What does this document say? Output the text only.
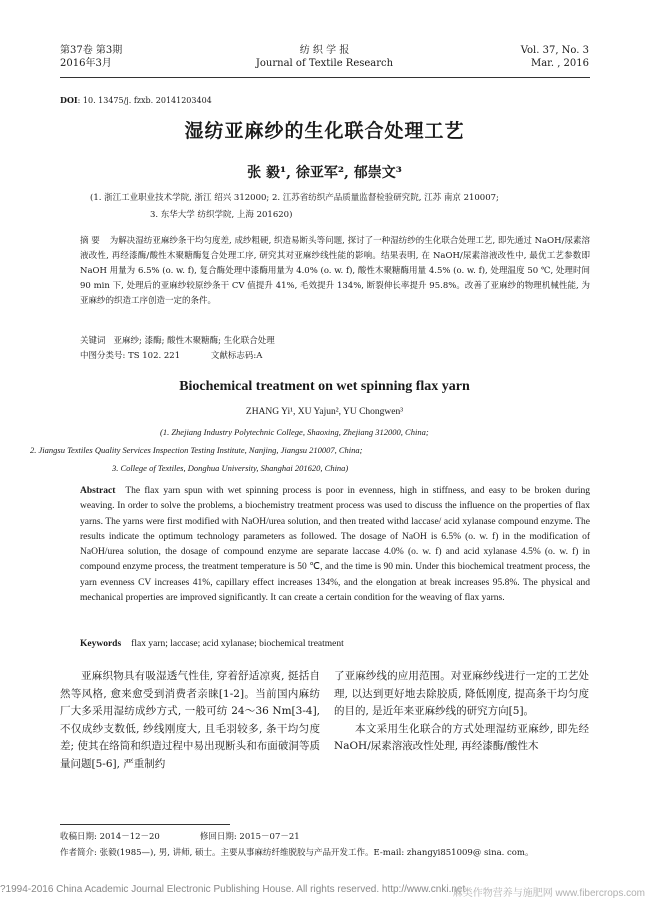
第37卷 第3期
2016年3月
纺 织 学 报
Journal of Textile Research
Vol. 37, No. 3
Mar. , 2016
DOI: 10. 13475/j. fzxb. 20141203404
湿纺亚麻纱的生化联合处理工艺
张 毅¹, 徐亚军², 郁崇文³
(1. 浙江工业职业技术学院, 浙江 绍兴 312000; 2. 江苏省纺织产品质量监督检验研究院, 江苏 南京 210007;
3. 东华大学 纺织学院, 上海 201620)
摘 要 为解决湿纺亚麻纱条干均匀度差, 成纱粗硬, 织造易断头等问题, 探讨了一种湿纺纱的生化联合处理工艺, 即先通过 NaOH/尿素溶液改性, 再经漆酶/酸性木聚糖酶复合处理工序, 研究其对亚麻纱线性能的影响。结果表明, 在 NaOH/尿素溶液改性中, 最优工艺参数即 NaOH 用量为 6.5% (o. w. f), 复合酶处理中漆酶用量为 4.0% (o. w. f), 酸性木聚糖酶用量 4.5% (o. w. f), 处理温度 50 ℃, 处理时间 90 min 下, 处理后的亚麻纱较原纱条干 CV 值提升 41%, 毛效提升 134%, 断裂伸长率提升 95.8%。改善了亚麻纱的物理机械性能, 为亚麻纱的织造工序创造一定的条件。
关键词 亚麻纱; 漆酶; 酸性木聚糖酶; 生化联合处理
中图分类号: TS 102. 221	文献标志码:A
Biochemical treatment on wet spinning flax yarn
ZHANG Yi¹, XU Yajun², YU Chongwen³
(1. Zhejiang Industry Polytechnic College, Shaoxing, Zhejiang 312000, China;
2. Jiangsu Textiles Quality Services Inspection Testing Institute, Nanjing, Jiangsu 210007, China;
3. College of Textiles, Donghua University, Shanghai 201620, China)
Abstract The flax yarn spun with wet spinning process is poor in evenness, high in stiffness, and easy to be broken during weaving. In order to solve the problems, a biochemistry treatment process was used to discuss the influence on the properties of flax yarns. The yarns were first modified with NaOH/urea solution, and then treated withd laccase/ acid xylanase compound enzyme. The results indicate the optimum technology parameters as followed. The dosage of NaOH is 6.5% (o. w. f) in the modification of NaOH/urea solution, the dosage of compound enzyme are separate laccase 4.0% (o. w. f) and acid xylanase 4.5% (o. w. f) in compound enzyme process, the treatment temperature is 50 ℃, and the time is 90 min. Under this biochemical treatment process, the yarn evenness CV increases 41%, capillary effect increases 134%, and the elongation at break increases 95.8%. The physical and mechanical properties are improved significantly. It can create a certain condition for the weaving of flax yarns.
Keywords flax yarn; laccase; acid xylanase; biochemical treatment
亚麻织物具有吸湿透气性佳, 穿着舒适凉爽, 挺括自然等风格, 愈来愈受到消费者亲睐[1-2]。当前国内麻纺厂大多采用湿纺成纱方式, 一般可纺 24～36 Nm[3-4], 不仅成纱支数低, 纱线刚度大, 且毛羽较多, 条干均匀度差; 使其在络筒和织造过程中易出现断头和布面破洞等质量问题[5-6], 严重制约
了亚麻纱线的应用范围。对亚麻纱线进行一定的工艺处理, 以达到更好地去除胶质, 降低刚度, 提高条干均匀度的目的, 是近年来亚麻纱线的研究方向[5]。
本文采用生化联合的方式处理湿纺亚麻纱, 即先经 NaOH/尿素溶液改性处理, 再经漆酶/酸性木
收稿日期: 2014－12－20	修回日期: 2015－07－21
作者简介: 张毅(1985—), 男, 讲师, 硕士。主要从事麻纺纤维脱胶与产品开发工作。E-mail: zhangyi851009@ sina. com。
?1994-2016 China Academic Journal Electronic Publishing House. All rights reserved. http://www.cnki.net
麻类作物营养与施肥网 www.fibercrops.com
